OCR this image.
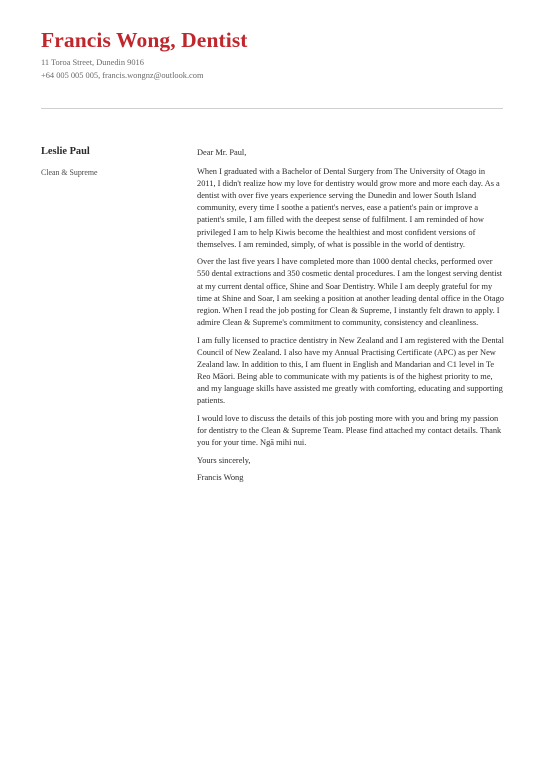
Francis Wong, Dentist
11 Toroa Street, Dunedin 9016
+64 005 005 005, francis.wongnz@outlook.com
Leslie Paul
Clean & Supreme

Dear Mr. Paul,

When I graduated with a Bachelor of Dental Surgery from The University of Otago in 2011, I didn't realize how my love for dentistry would grow more and more each day. As a dentist with over five years experience serving the Dunedin and lower South Island community, every time I soothe a patient's nerves, ease a patient's pain or improve a patient's smile, I am filled with the deepest sense of fulfilment. I am reminded of how privileged I am to help Kiwis become the healthiest and most confident versions of themselves. I am reminded, simply, of what is possible in the world of dentistry.

Over the last five years I have completed more than 1000 dental checks, performed over 550 dental extractions and 350 cosmetic dental procedures. I am the longest serving dentist at my current dental office, Shine and Soar Dentistry. While I am deeply grateful for my time at Shine and Soar, I am seeking a position at another leading dental office in the Otago region. When I read the job posting for Clean & Supreme, I instantly felt drawn to apply. I admire Clean & Supreme's commitment to community, consistency and cleanliness.

I am fully licensed to practice dentistry in New Zealand and I am registered with the Dental Council of New Zealand. I also have my Annual Practising Certificate (APC) as per New Zealand law. In addition to this, I am fluent in English and Mandarian and C1 level in Te Reo Māori. Being able to communicate with my patients is of the highest priority to me, and my language skills have assisted me greatly with comforting, educating and supporting patients.

I would love to discuss the details of this job posting more with you and bring my passion for dentistry to the Clean & Supreme Team. Please find attached my contact details. Thank you for your time. Ngā mihi nui.

Yours sincerely,

Francis Wong
